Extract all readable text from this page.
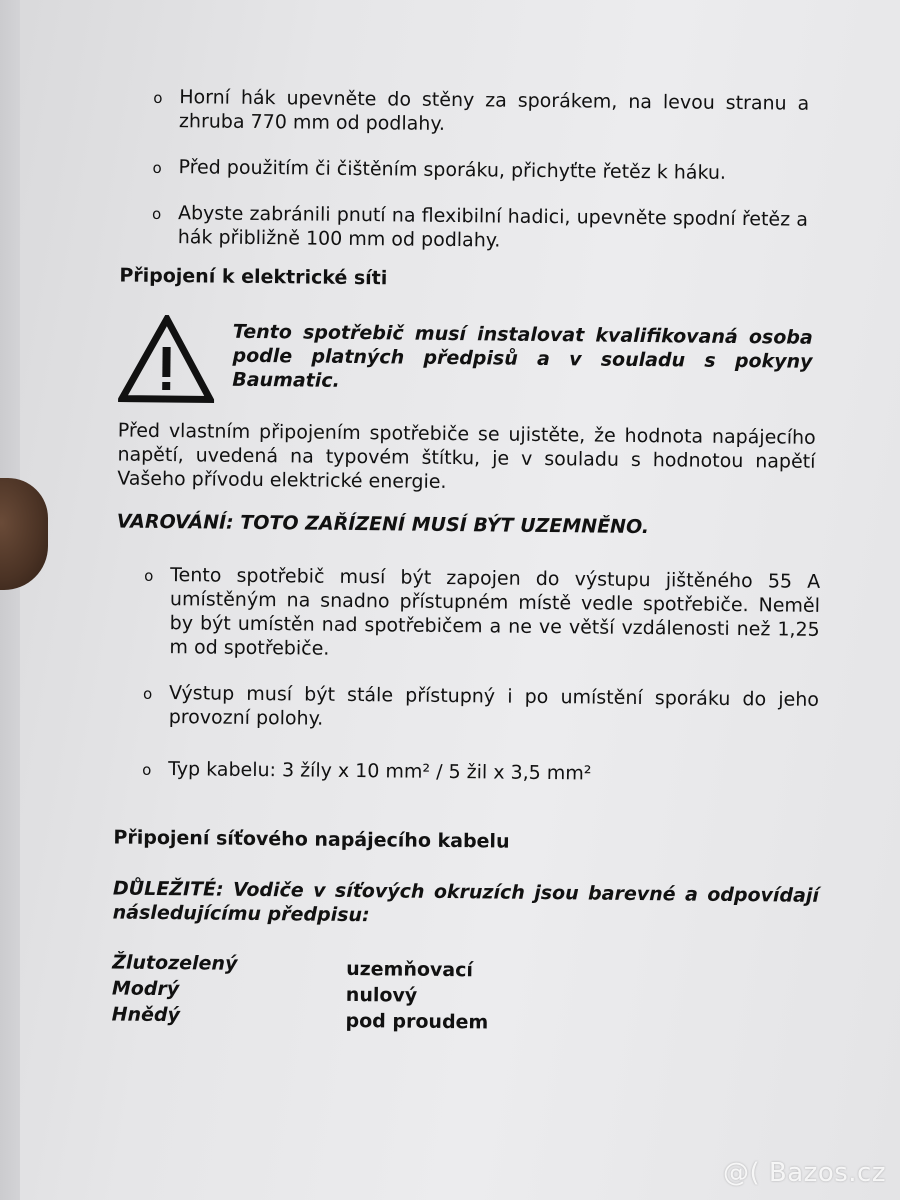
o Horní hák upevněte do stěny za sporákem, na levou stranu a zhruba 770 mm od podlahy.
o Před použitím či čištěním sporáku, přichyťte řetěz k háku.
o Abyste zabránili pnutí na flexibilní hadici, upevněte spodní řetěz a hák přibližně 100 mm od podlahy.
Připojení k elektrické síti
Tento spotřebič musí instalovat kvalifikovaná osoba podle platných předpisů a v souladu s pokyny Baumatic.
Před vlastním připojením spotřebiče se ujistěte, že hodnota napájecího napětí, uvedená na typovém štítku, je v souladu s hodnotou napětí Vašeho přívodu elektrické energie.
VAROVÁNÍ: TOTO ZAŘÍZENÍ MUSÍ BÝT UZEMNĚNO.
o Tento spotřebič musí být zapojen do výstupu jištěného 55 A umístěným na snadno přístupném místě vedle spotřebiče. Neměl by být umístěn nad spotřebičem a ne ve větší vzdálenosti než 1,25 m od spotřebiče.
o Výstup musí být stále přístupný i po umístění sporáku do jeho provozní polohy.
o Typ kabelu: 3 žíly x 10 mm² / 5 žil x 3,5 mm²
Připojení síťového napájecího kabelu
DŮLEŽITÉ: Vodiče v síťových okruzích jsou barevné a odpovídají následujícímu předpisu:
Žlutozelený	uzemňovací
Modrý	nulový
Hnědý	pod proudem
@( Bazos.cz
